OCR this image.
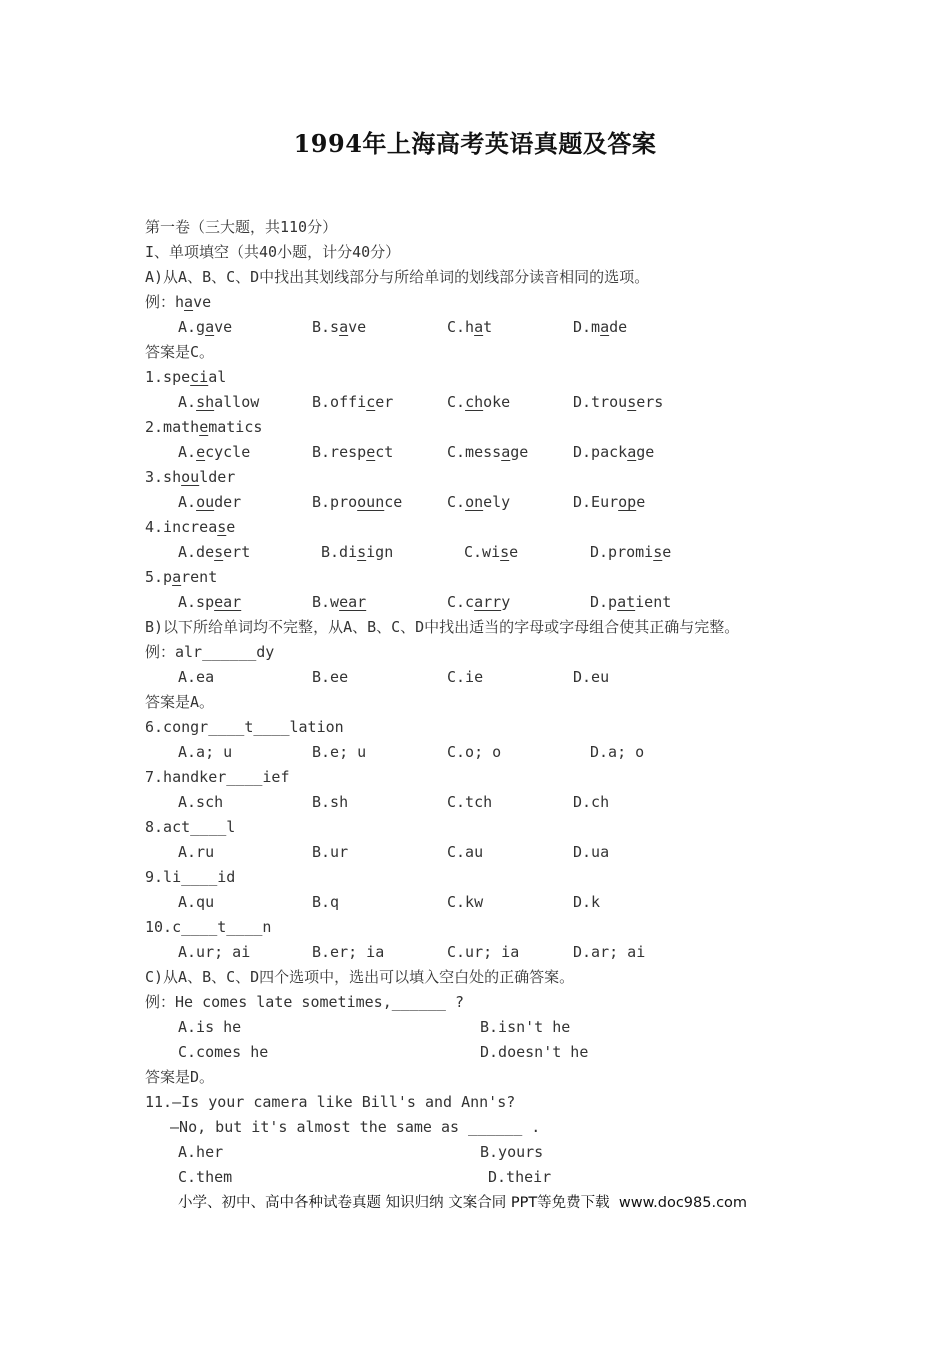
1994年上海高考英语真题及答案
第一卷（三大题，共110分）
I、单项填空（共40小题，计分40分）
A)从A、B、C、D中找出其划线部分与所给单词的划线部分读音相同的选项。
例：have
A.gave	B.save	C.hat	D.made
答案是C。
1.special
A.shallow	B.officer	C.choke	D.trousers
2.mathematics
A.ecycle	B.respect	C.message	D.package
3.shoulder
A.ouder	B.proounce	C.onely	D.Europe
4.increase
A.desert	B.disign	C.wise	D.promise
5.parent
A.spear	B.wear	C.carry	D.patient
B)以下所给单词均不完整，从A、B、C、D中找出适当的字母或字母组合使其正确与完整。
例：alr______dy
A.ea	B.ee	C.ie	D.eu
答案是A。
6.congr____t____lation
A.a; u	B.e; u	C.o; o	D.a; o
7.handker____ief
A.sch	B.sh	C.tch	D.ch
8.act____l
A.ru	B.ur	C.au	D.ua
9.li____id
A.qu	B.q	C.kw	D.k
10.c____t____n
A.ur; ai	B.er; ia	C.ur; ia	D.ar; ai
C)从A、B、C、D四个选项中，选出可以填入空白处的正确答案。
例：He comes late sometimes,______ ?
A.is he	B.isn't he
C.comes he	D.doesn't he
答案是D。
11.—Is your camera like Bill's and Ann's?
—No, but it's almost the same as ______ .
A.her	B.yours
C.them	D.their
小学、初中、高中各种试卷真题 知识归纳 文案合同 PPT等免费下载  www.doc985.com
